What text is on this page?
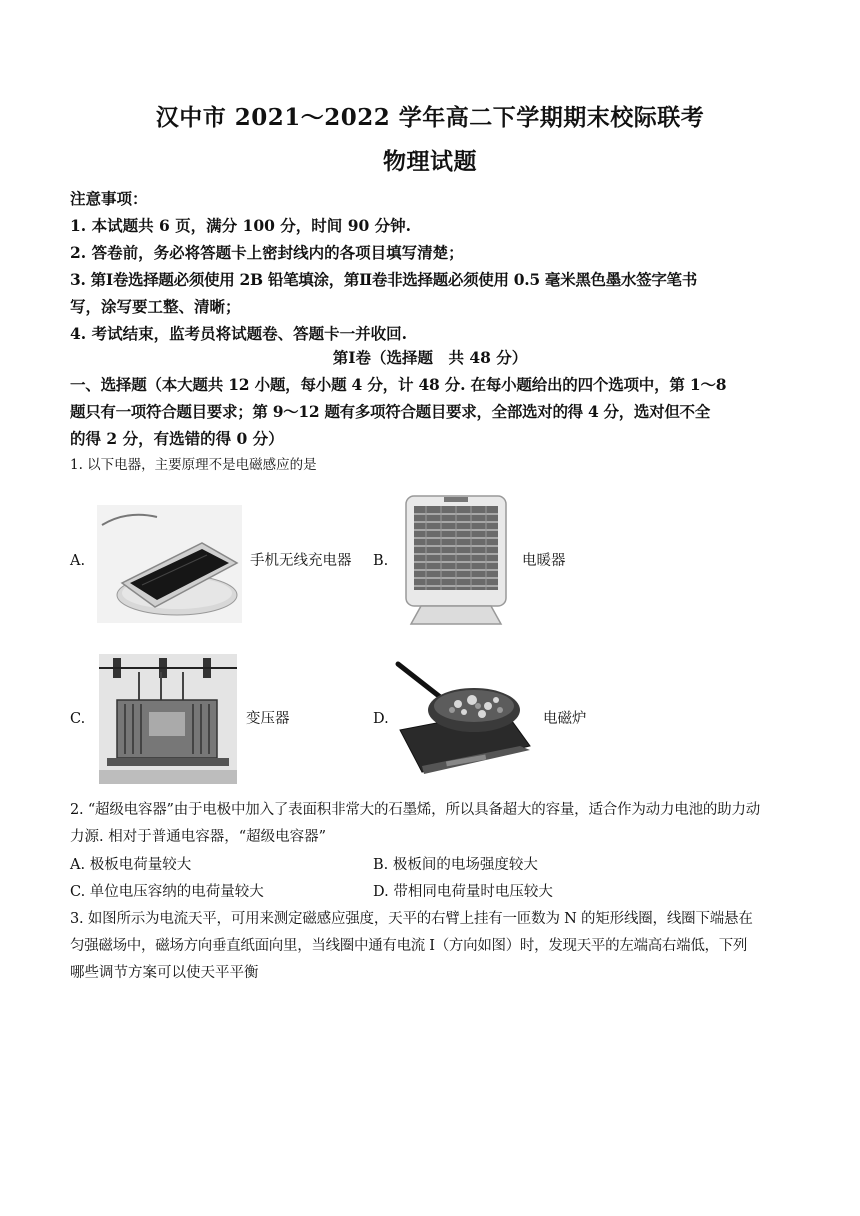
汉中市 2021～2022 学年高二下学期期末校际联考
物理试题
注意事项：
1. 本试题共 6 页，满分 100 分，时间 90 分钟.
2. 答卷前，务必将答题卡上密封线内的各项目填写清楚；
3. 第Ⅰ卷选择题必须使用 2B 铅笔填涂，第Ⅱ卷非选择题必须使用 0.5 毫米黑色墨水签字笔书
写，涂写要工整、清晰；
4. 考试结束，监考员将试题卷、答题卡一并收回.
第Ⅰ卷（选择题　共 48 分）
一、选择题（本大题共 12 小题，每小题 4 分，计 48 分. 在每小题给出的四个选项中，第 1～8
题只有一项符合题目要求；第 9～12 题有多项符合题目要求，全部选对的得 4 分，选对但不全
的得 2 分，有选错的得 0 分）
1. 以下电器，主要原理不是电磁感应的是
A.	手机无线充电器 B.	电暖器
C.	变压器	D.	电磁炉
2. “超级电容器”由于电极中加入了表面积非常大的石墨烯，所以具备超大的容量，适合作为动力电池的助力动
力源. 相对于普通电容器，“超级电容器”
A. 极板电荷量较大	B. 极板间的电场强度较大
C. 单位电压容纳的电荷量较大	D. 带相同电荷量时电压较大
3. 如图所示为电流天平，可用来测定磁感应强度，天平的右臂上挂有一匝数为 N 的矩形线圈，线圈下端悬在
匀强磁场中，磁场方向垂直纸面向里，当线圈中通有电流 I（方向如图）时，发现天平的左端高右端低，下列
哪些调节方案可以使天平平衡
